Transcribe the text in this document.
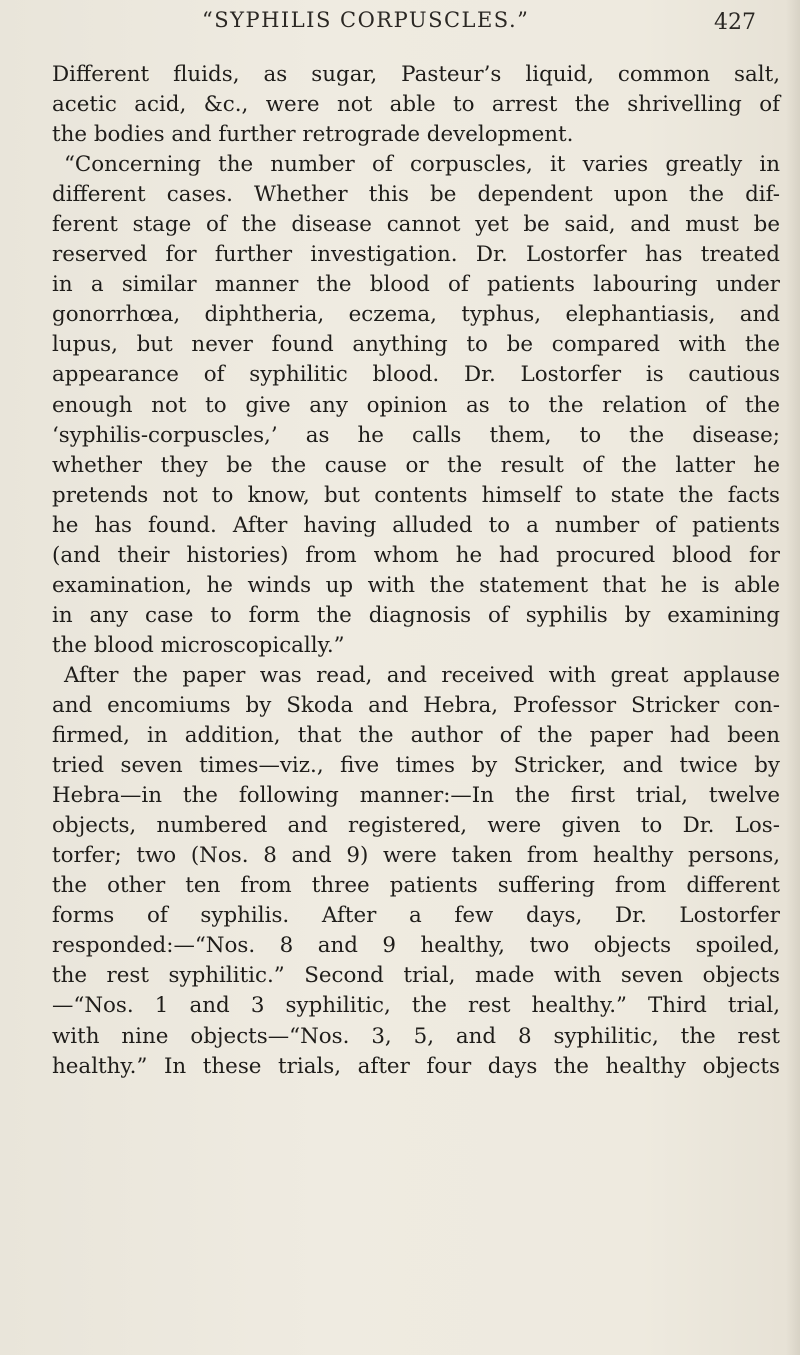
“SYPHILIS CORPUSCLES.”	427
Different fluids, as sugar, Pasteur’s liquid, common salt,
acetic acid, &c., were not able to arrest the shrivelling of
the bodies and further retrograde development.
“Concerning the number of corpuscles, it varies greatly in
different cases. Whether this be dependent upon the dif-
ferent stage of the disease cannot yet be said, and must be
reserved for further investigation. Dr. Lostorfer has treated
in a similar manner the blood of patients labouring under
gonorrhœa, diphtheria, eczema, typhus, elephantiasis, and
lupus, but never found anything to be compared with the
appearance of syphilitic blood. Dr. Lostorfer is cautious
enough not to give any opinion as to the relation of the
‘syphilis-corpuscles,’ as he calls them, to the disease;
whether they be the cause or the result of the latter he
pretends not to know, but contents himself to state the facts
he has found. After having alluded to a number of patients
(and their histories) from whom he had procured blood for
examination, he winds up with the statement that he is able
in any case to form the diagnosis of syphilis by examining
the blood microscopically.”
After the paper was read, and received with great applause
and encomiums by Skoda and Hebra, Professor Stricker con-
firmed, in addition, that the author of the paper had been
tried seven times—viz., five times by Stricker, and twice by
Hebra—in the following manner:—In the first trial, twelve
objects, numbered and registered, were given to Dr. Los-
torfer; two (Nos. 8 and 9) were taken from healthy persons,
the other ten from three patients suffering from different
forms of syphilis. After a few days, Dr. Lostorfer
responded:—“Nos. 8 and 9 healthy, two objects spoiled,
the rest syphilitic.” Second trial, made with seven objects
—“Nos. 1 and 3 syphilitic, the rest healthy.” Third trial,
with nine objects—“Nos. 3, 5, and 8 syphilitic, the rest
healthy.” In these trials, after four days the healthy objects
